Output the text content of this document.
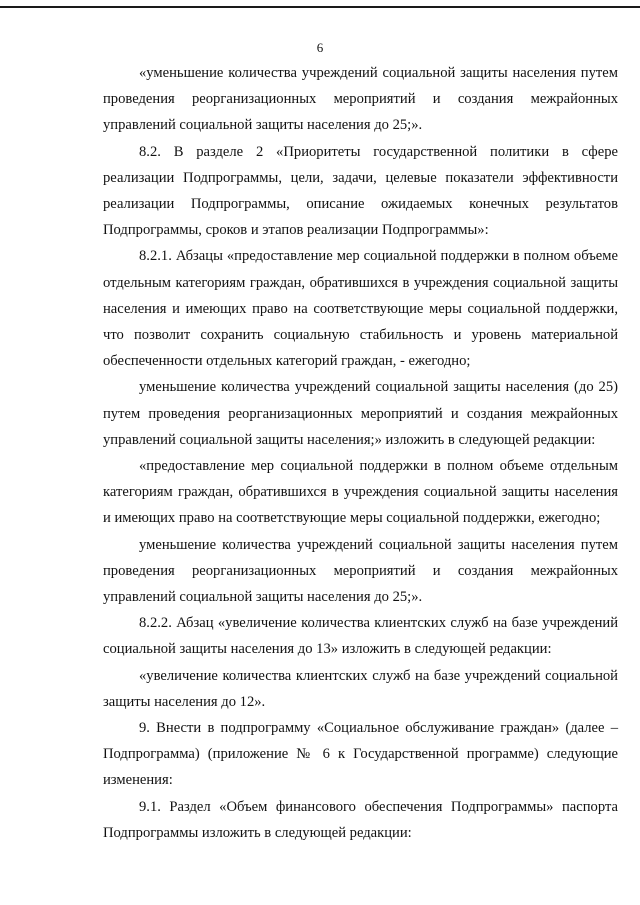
6

«уменьшение количества учреждений социальной защиты населения путем проведения реорганизационных мероприятий и создания межрайонных управлений социальной защиты населения до 25;».

8.2. В разделе 2 «Приоритеты государственной политики в сфере реализации Подпрограммы, цели, задачи, целевые показатели эффективности реализации Подпрограммы, описание ожидаемых конечных результатов Подпрограммы, сроков и этапов реализации Подпрограммы»:

8.2.1. Абзацы «предоставление мер социальной поддержки в полном объеме отдельным категориям граждан, обратившихся в учреждения социальной защиты населения и имеющих право на соответствующие меры социальной поддержки, что позволит сохранить социальную стабильность и уровень материальной обеспеченности отдельных категорий граждан, - ежегодно;

уменьшение количества учреждений социальной защиты населения (до 25) путем проведения реорганизационных мероприятий и создания межрайонных управлений социальной защиты населения;» изложить в следующей редакции:

«предоставление мер социальной поддержки в полном объеме отдельным категориям граждан, обратившихся в учреждения социальной защиты населения и имеющих право на соответствующие меры социальной поддержки, ежегодно;

уменьшение количества учреждений социальной защиты населения путем проведения реорганизационных мероприятий и создания межрайонных управлений социальной защиты населения до 25;».

8.2.2. Абзац «увеличение количества клиентских служб на базе учреждений социальной защиты населения до 13» изложить в следующей редакции:

«увеличение количества клиентских служб на базе учреждений социальной защиты населения до 12».

9. Внести в подпрограмму «Социальное обслуживание граждан» (далее – Подпрограмма) (приложение № 6 к Государственной программе) следующие изменения:

9.1. Раздел «Объем финансового обеспечения Подпрограммы» паспорта Подпрограммы изложить в следующей редакции:
